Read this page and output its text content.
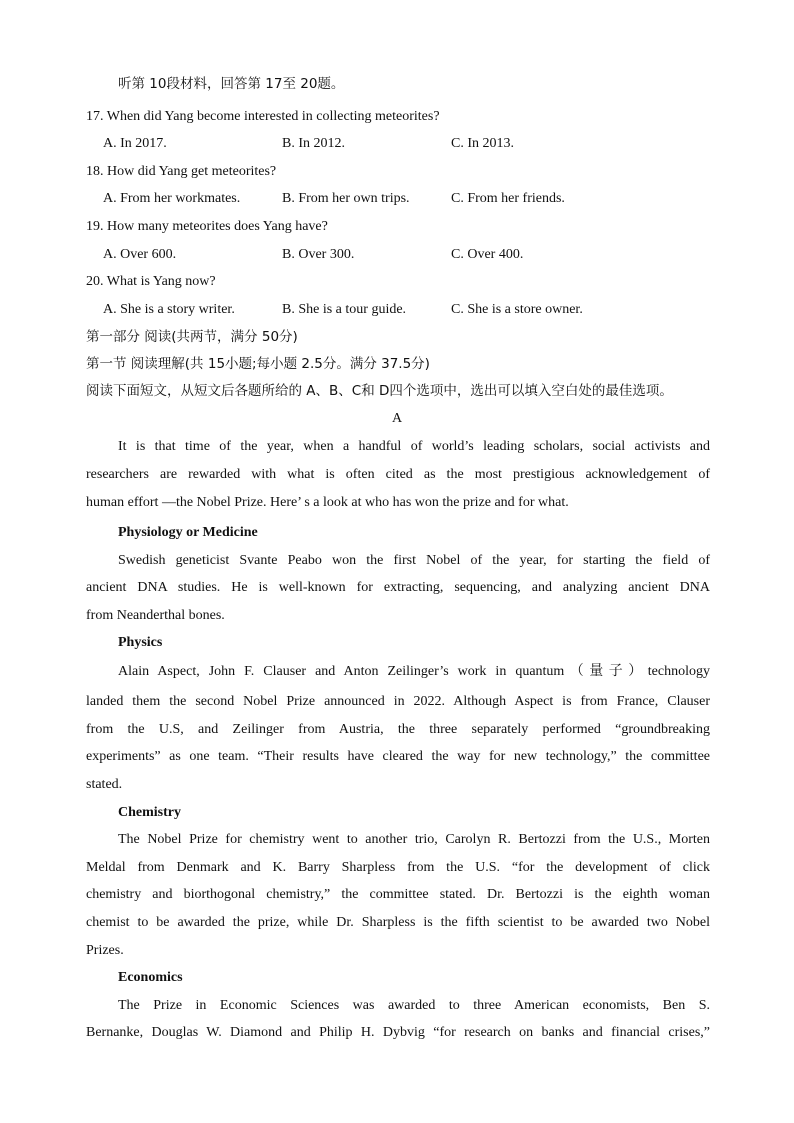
听第 10段材料，回答第 17至 20题。
17. When did Yang become interested in collecting meteorites?
A. In 2017.	B. In 2012.	C. In 2013.
18. How did Yang get meteorites?
A. From her workmates.	B. From her own trips.	C. From her friends.
19. How many meteorites does Yang have?
A. Over 600.	B. Over 300.	C. Over 400.
20. What is Yang now?
A. She is a story writer.	B. She is a tour guide.	C. She is a store owner.
第一部分 阅读(共两节，满分 50分)
第一节 阅读理解(共 15小题;每小题 2.5分。满分 37.5分)
阅读下面短文，从短文后各题所给的 A、B、C和 D四个选项中，选出可以填入空白处的最佳选项。
A
It is that time of the year, when a handful of world’s leading scholars, social activists and
researchers are rewarded with what is often cited as the most prestigious acknowledgement of
human effort —the Nobel Prize. Here’ s a look at who has won the prize and for what.
Physiology or Medicine
Swedish geneticist Svante Peabo won the first Nobel of the year, for starting the field of
ancient DNA studies. He is well-known for extracting, sequencing, and analyzing ancient DNA
from Neanderthal bones.
Physics
Alain Aspect, John F. Clauser and Anton Zeilinger’s work in quantum（量子）technology
landed them the second Nobel Prize announced in 2022. Although Aspect is from France, Clauser
from the U.S, and Zeilinger from Austria, the three separately performed “groundbreaking
experiments” as one team. “Their results have cleared the way for new technology,” the committee
stated.
Chemistry
The Nobel Prize for chemistry went to another trio, Carolyn R. Bertozzi from the U.S., Morten
Meldal from Denmark and K. Barry Sharpless from the U.S. “for the development of click
chemistry and biorthogonal chemistry,” the committee stated. Dr. Bertozzi is the eighth woman
chemist to be awarded the prize, while Dr. Sharpless is the fifth scientist to be awarded two Nobel
Prizes.
Economics
The Prize in Economic Sciences was awarded to three American economists, Ben S.
Bernanke, Douglas W. Diamond and Philip H. Dybvig “for research on banks and financial crises,”
